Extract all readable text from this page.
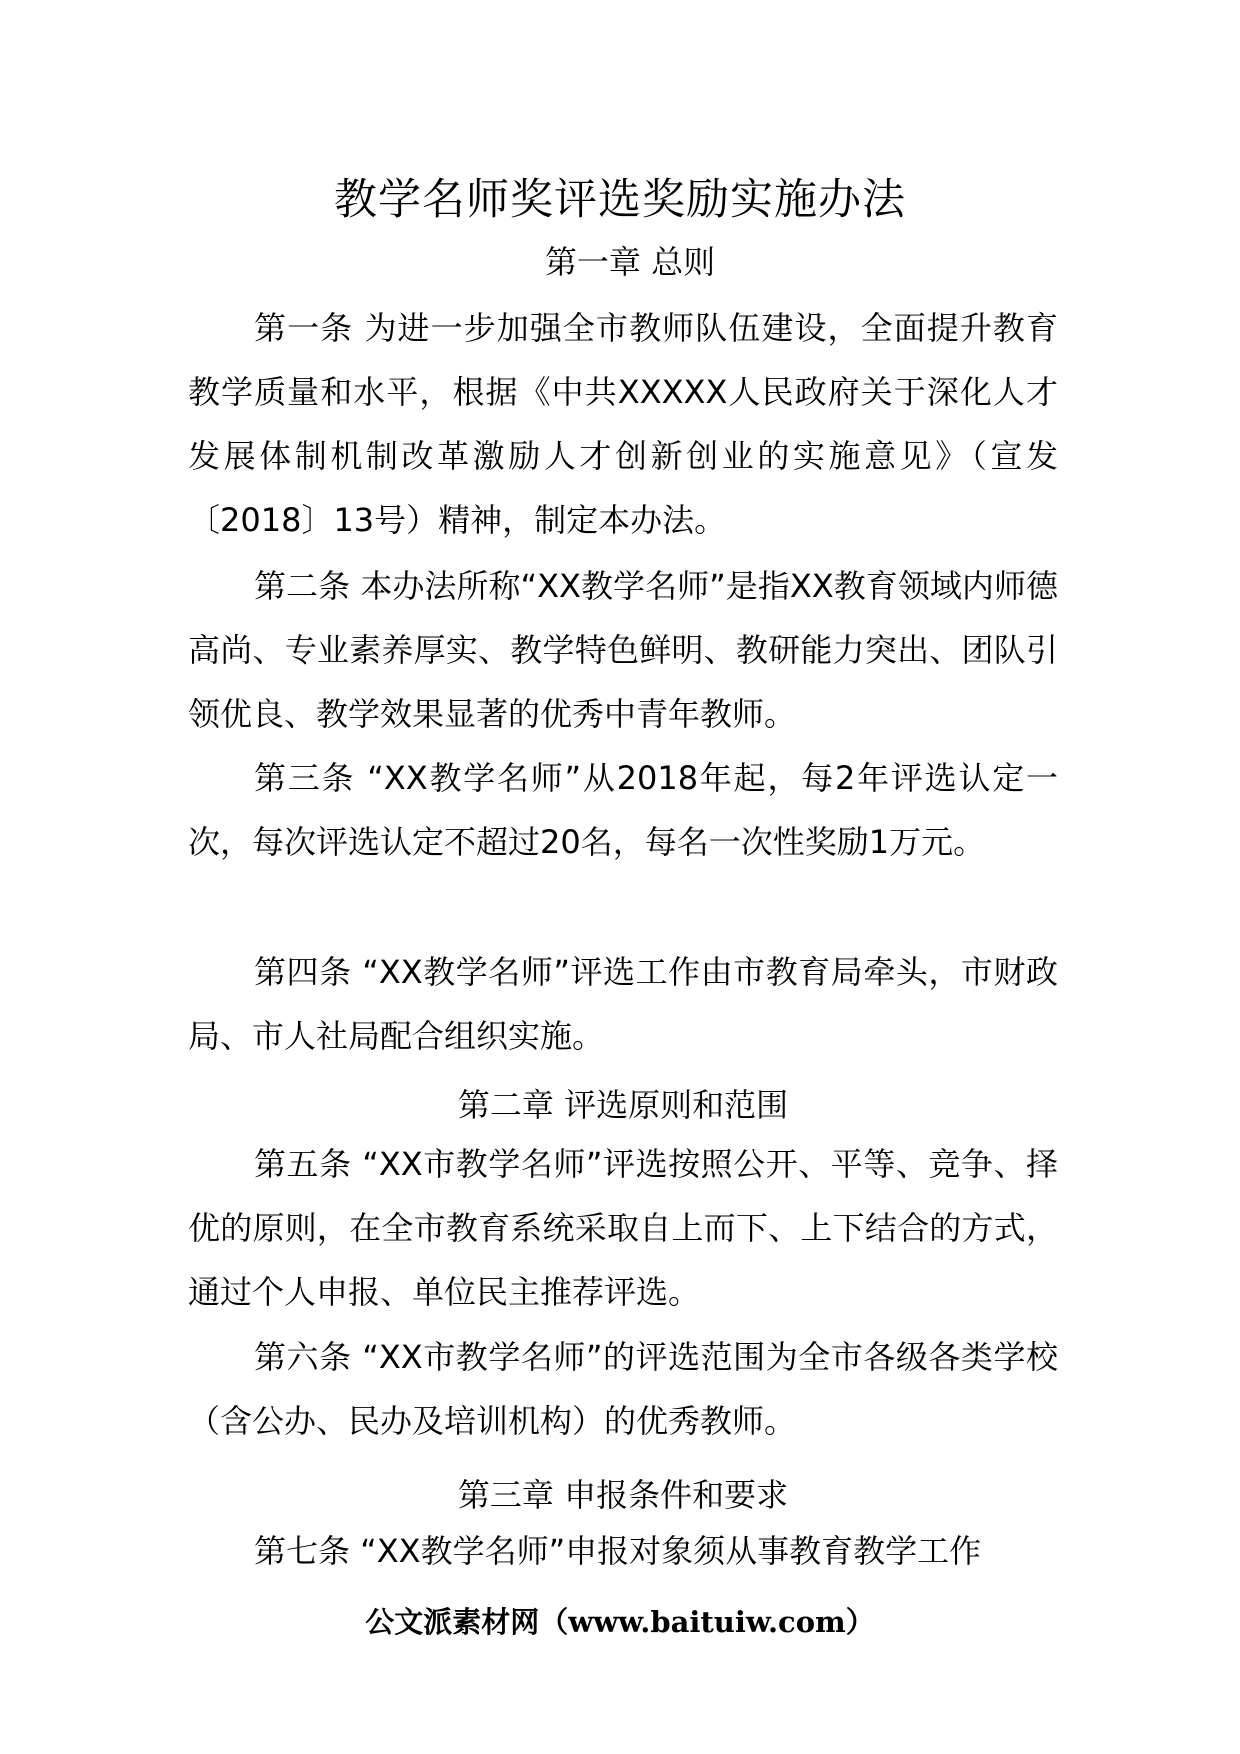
教学名师奖评选奖励实施办法
第一章 总则

第一条 为进一步加强全市教师队伍建设，全面提升教育教学质量和水平，根据《中共XXXXX人民政府关于深化人才发展体制机制改革激励人才创新创业的实施意见》（宣发〔2018〕13号）精神，制定本办法。

第二条 本办法所称“XX教学名师”是指XX教育领域内师德高尚、专业素养厚实、教学特色鲜明、教研能力突出、团队引领优良、教学效果显著的优秀中青年教师。

第三条 “XX教学名师”从2018年起，每2年评选认定一次，每次评选认定不超过20名，每名一次性奖励1万元。

第四条 “XX教学名师”评选工作由市教育局牵头，市财政局、市人社局配合组织实施。

第二章 评选原则和范围

第五条 “XX市教学名师”评选按照公开、平等、竞争、择优的原则，在全市教育系统采取自上而下、上下结合的方式，通过个人申报、单位民主推荐评选。

第六条 “XX市教学名师”的评选范围为全市各级各类学校（含公办、民办及培训机构）的优秀教师。

第三章 申报条件和要求

第七条 “XX教学名师”申报对象须从事教育教学工作

公文派素材网（www.baituiw.com）
